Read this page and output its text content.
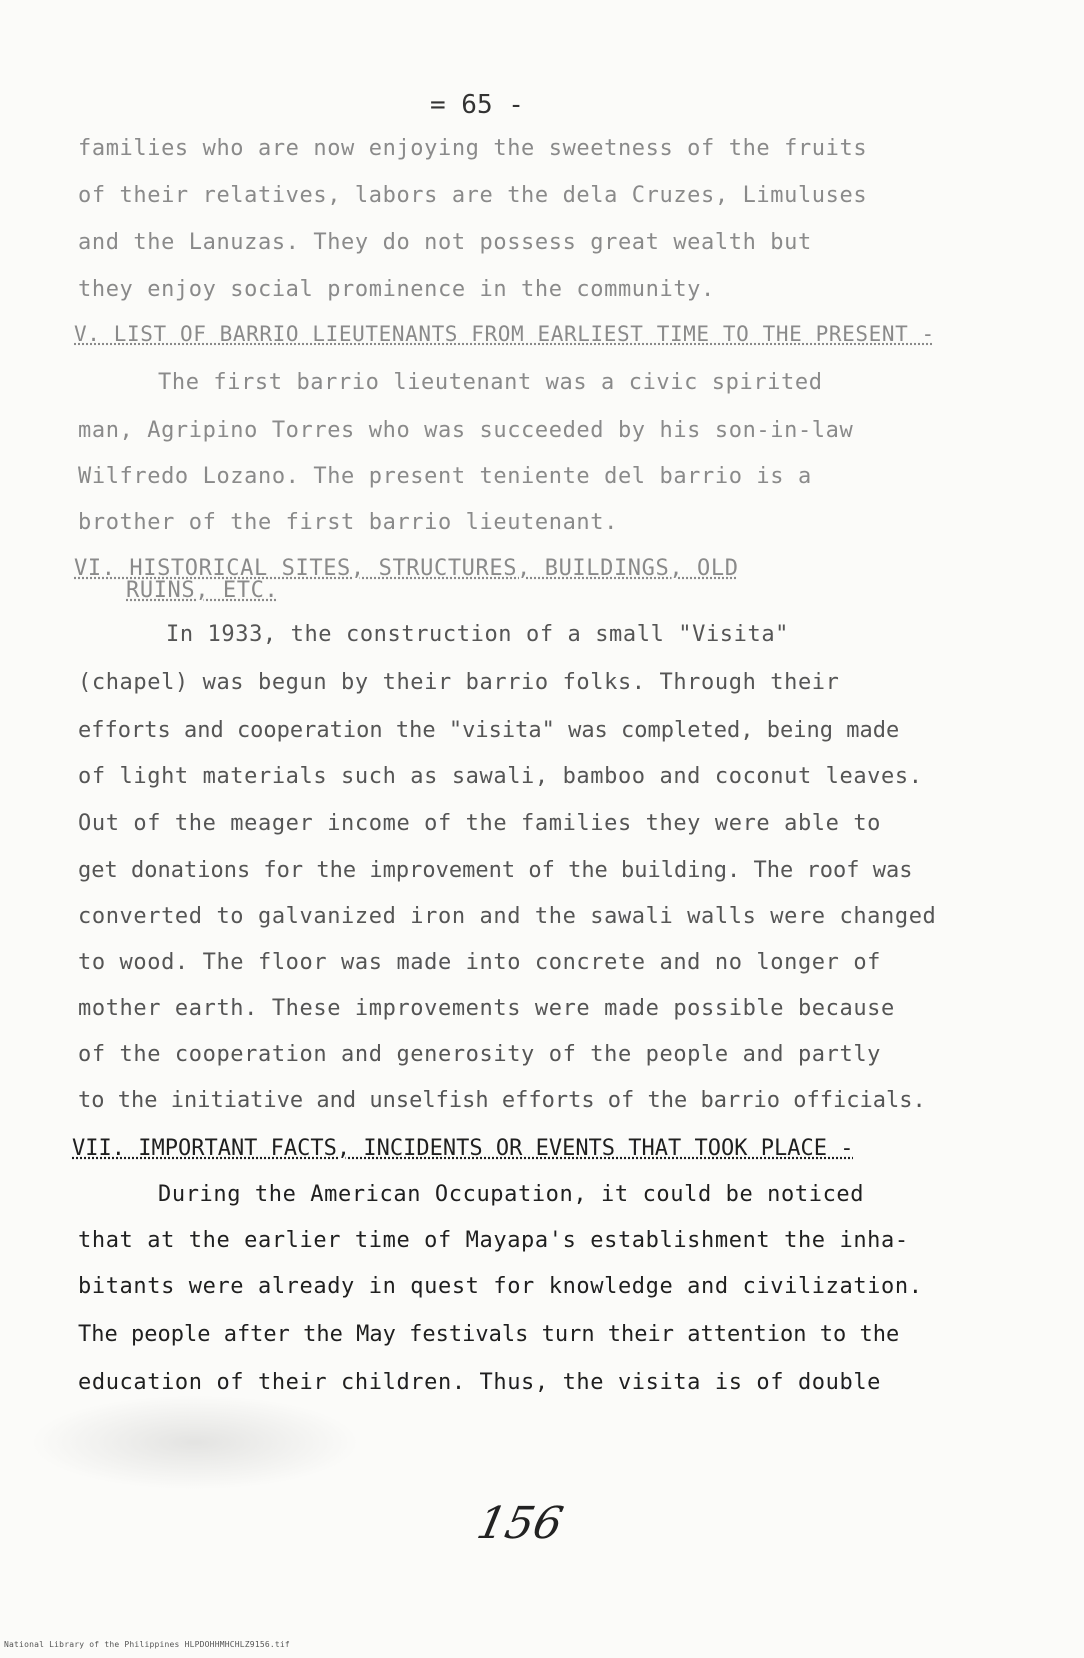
= 65 -
families who are now enjoying the sweetness of the fruits
of their relatives, labors are the dela Cruzes, Limuluses
and the Lanuzas. They do not possess great wealth but
they enjoy social prominence in the community.
V. LIST OF BARRIO LIEUTENANTS FROM EARLIEST TIME TO THE PRESENT -
The first barrio lieutenant was a civic spirited
man, Agripino Torres who was succeeded by his son-in-law
Wilfredo Lozano. The present teniente del barrio is a
brother of the first barrio lieutenant.
VI. HISTORICAL SITES, STRUCTURES, BUILDINGS, OLD
RUINS, ETC.
In 1933, the construction of a small "Visita"
(chapel) was begun by their barrio folks. Through their
efforts and cooperation the "visita" was completed, being made
of light materials such as sawali, bamboo and coconut leaves.
Out of the meager income of the families they were able to
get donations for the improvement of the building. The roof was
converted to galvanized iron and the sawali walls were changed
to wood. The floor was made into concrete and no longer of
mother earth. These improvements were made possible because
of the cooperation and generosity of the people and partly
to the initiative and unselfish efforts of the barrio officials.
VII. IMPORTANT FACTS, INCIDENTS OR EVENTS THAT TOOK PLACE -
During the American Occupation, it could be noticed
that at the earlier time of Mayapa's establishment the inha-
bitants were already in quest for knowledge and civilization.
The people after the May festivals turn their attention to the
education of their children. Thus, the visita is of double
156
National Library of the Philippines HLPDOHHMHCHLZ9156.tif
